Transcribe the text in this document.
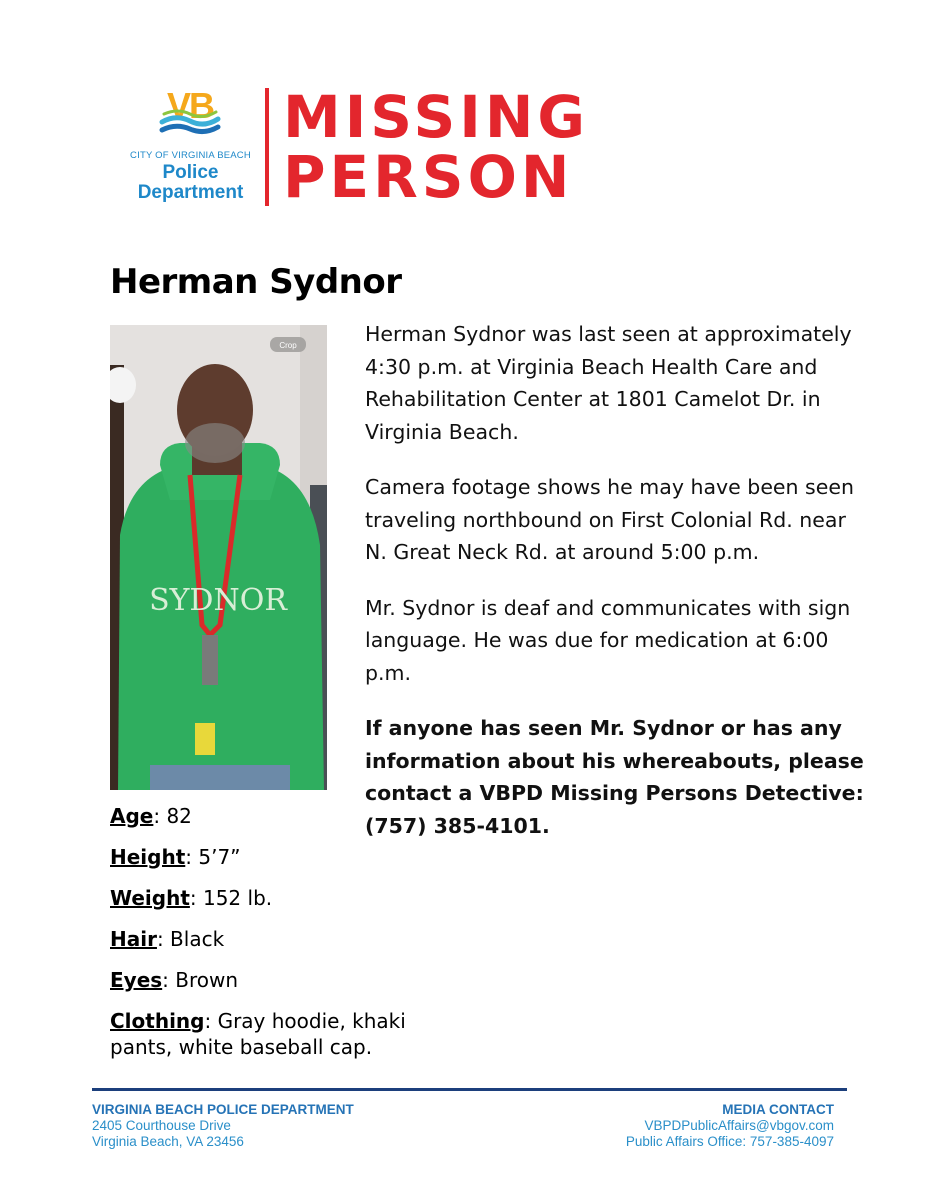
VB
CITY OF VIRGINIA BEACH
Police
Department
MISSING
PERSON
Herman Sydnor
Crop
SYDNOR

Herman Sydnor was last seen at approximately 4:30 p.m. at Virginia Beach Health Care and Rehabilitation Center at 1801 Camelot Dr. in Virginia Beach.

Camera footage shows he may have been seen traveling northbound on First Colonial Rd. near N. Great Neck Rd. at around 5:00 p.m.

Mr. Sydnor is deaf and communicates with sign language. He was due for medication at 6:00 p.m.

If anyone has seen Mr. Sydnor or has any information about his whereabouts, please contact a VBPD Missing Persons Detective: (757) 385-4101.

Age: 82
Height: 5’7”
Weight: 152 lb.
Hair: Black
Eyes: Brown
Clothing: Gray hoodie, khaki pants, white baseball cap.
VIRGINIA BEACH POLICE DEPARTMENT
2405 Courthouse Drive
Virginia Beach, VA 23456
MEDIA CONTACT
VBPDPublicAffairs@vbgov.com
Public Affairs Office: 757-385-4097
